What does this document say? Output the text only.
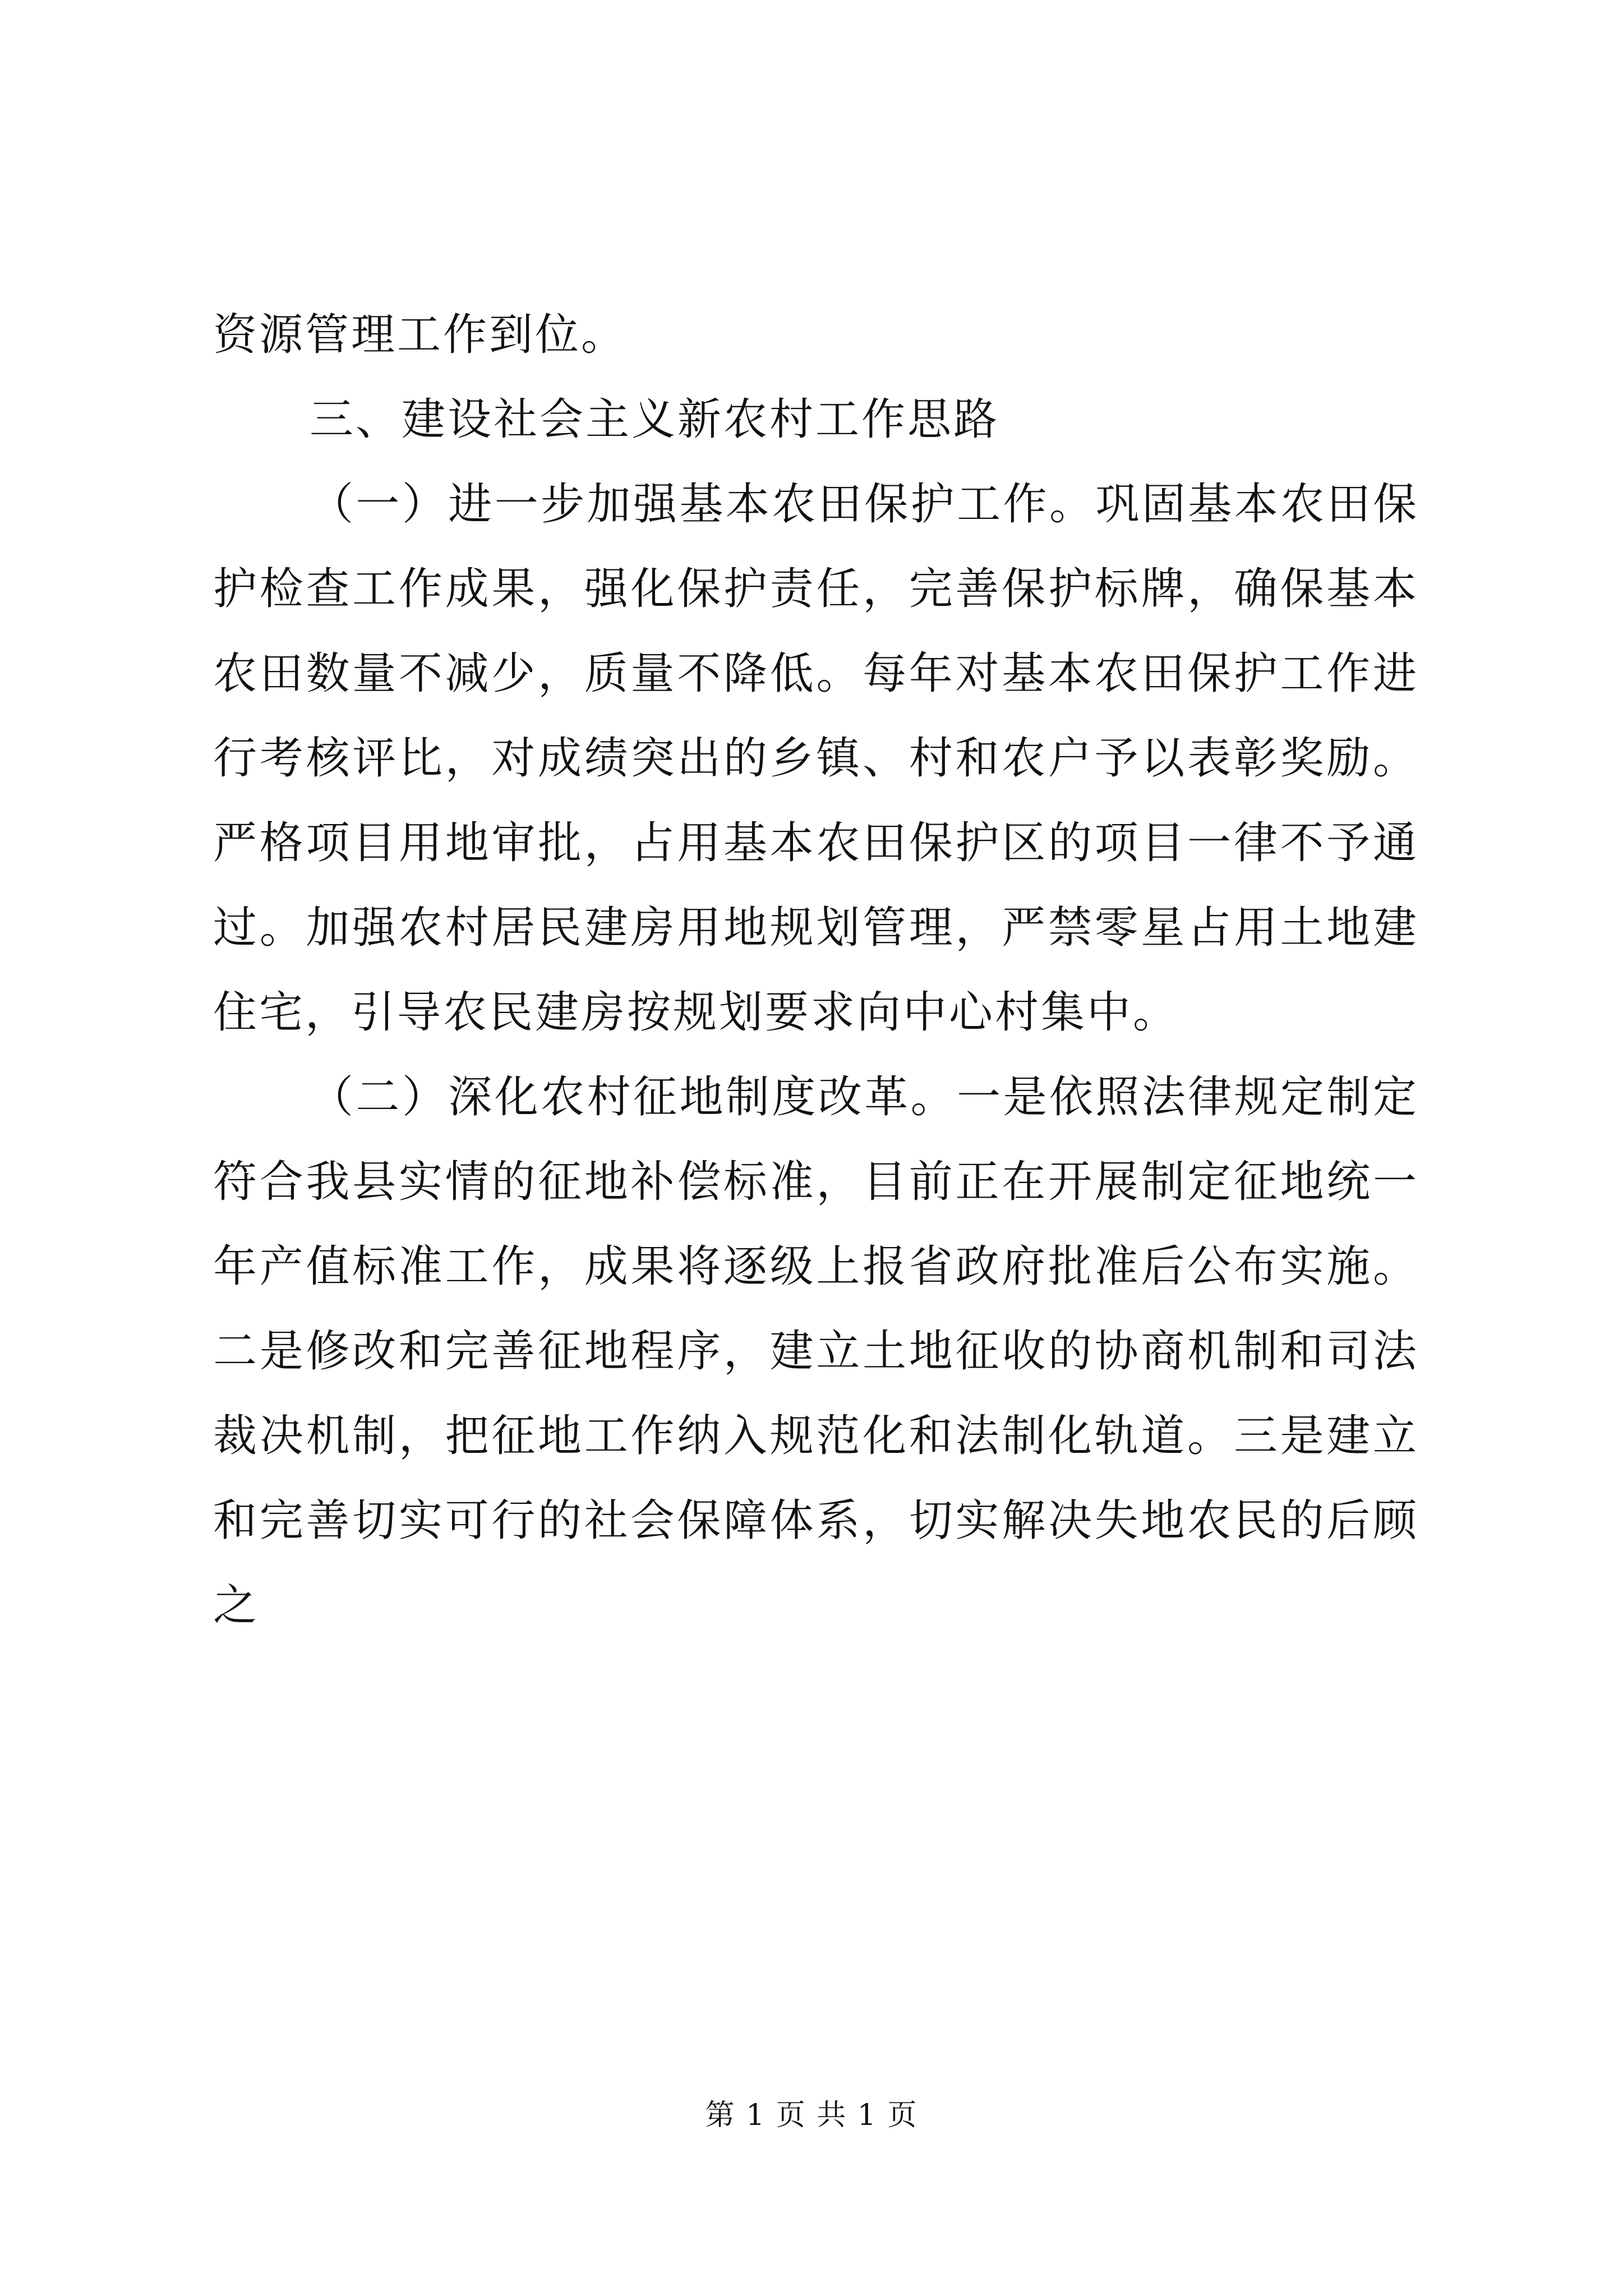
资源管理工作到位。

三、建设社会主义新农村工作思路

（一）进一步加强基本农田保护工作。巩固基本农田保护检查工作成果，强化保护责任，完善保护标牌，确保基本农田数量不减少，质量不降低。每年对基本农田保护工作进行考核评比，对成绩突出的乡镇、村和农户予以表彰奖励。严格项目用地审批，占用基本农田保护区的项目一律不予通过。加强农村居民建房用地规划管理，严禁零星占用土地建住宅，引导农民建房按规划要求向中心村集中。

（二）深化农村征地制度改革。一是依照法律规定制定符合我县实情的征地补偿标准，目前正在开展制定征地统一年产值标准工作，成果将逐级上报省政府批准后公布实施。二是修改和完善征地程序，建立土地征收的协商机制和司法裁决机制，把征地工作纳入规范化和法制化轨道。三是建立和完善切实可行的社会保障体系，切实解决失地农民的后顾之

第 1 页 共 1 页
